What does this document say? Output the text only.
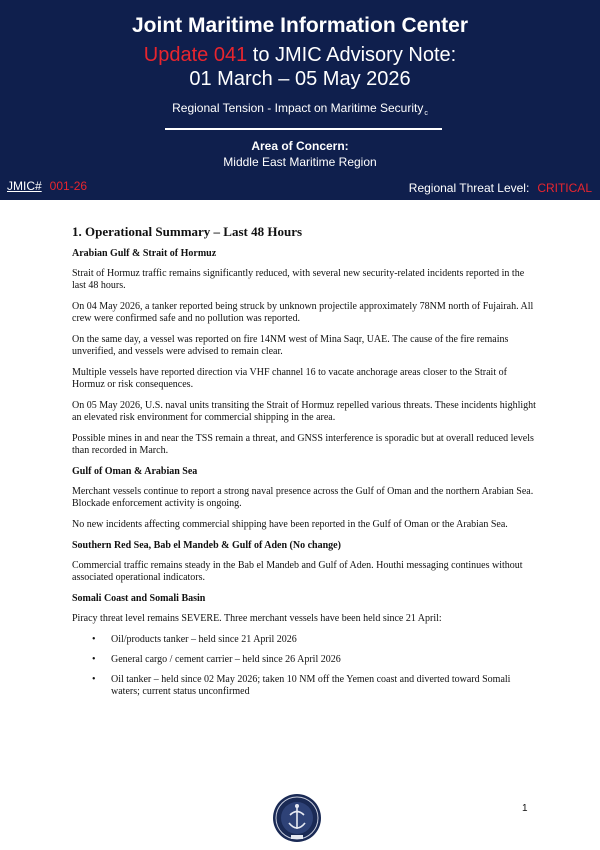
Joint Maritime Information Center
Update 041 to JMIC Advisory Note:
01 March – 05 May 2026
Regional Tension - Impact on Maritime Security$_c$
Area of Concern:
Middle East Maritime Region
JMIC# 001-26	Regional Threat Level: CRITICAL
1. Operational Summary – Last 48 Hours
Arabian Gulf & Strait of Hormuz

Strait of Hormuz traffic remains significantly reduced, with several new security-related incidents reported in the last 48 hours.

On 04 May 2026, a tanker reported being struck by unknown projectile approximately 78NM north of Fujairah. All crew were confirmed safe and no pollution was reported.

On the same day, a vessel was reported on fire 14NM west of Mina Saqr, UAE. The cause of the fire remains unverified, and vessels were advised to remain clear.

Multiple vessels have reported direction via VHF channel 16 to vacate anchorage areas closer to the Strait of Hormuz or risk consequences.

On 05 May 2026, U.S. naval units transiting the Strait of Hormuz repelled various threats. These incidents highlight an elevated risk environment for commercial shipping in the area.

Possible mines in and near the TSS remain a threat, and GNSS interference is sporadic but at overall reduced levels than recorded in March.

Gulf of Oman & Arabian Sea

Merchant vessels continue to report a strong naval presence across the Gulf of Oman and the northern Arabian Sea. Blockade enforcement activity is ongoing.

No new incidents affecting commercial shipping have been reported in the Gulf of Oman or the Arabian Sea.

Southern Red Sea, Bab el Mandeb & Gulf of Aden (No change)

Commercial traffic remains steady in the Bab el Mandeb and Gulf of Aden. Houthi messaging continues without associated operational indicators.

Somali Coast and Somali Basin

Piracy threat level remains SEVERE. Three merchant vessels have been held since 21 April:

• Oil/products tanker – held since 21 April 2026
• General cargo / cement carrier – held since 26 April 2026
• Oil tanker – held since 02 May 2026; taken 10 NM off the Yemen coast and diverted toward Somali waters; current status unconfirmed
1
